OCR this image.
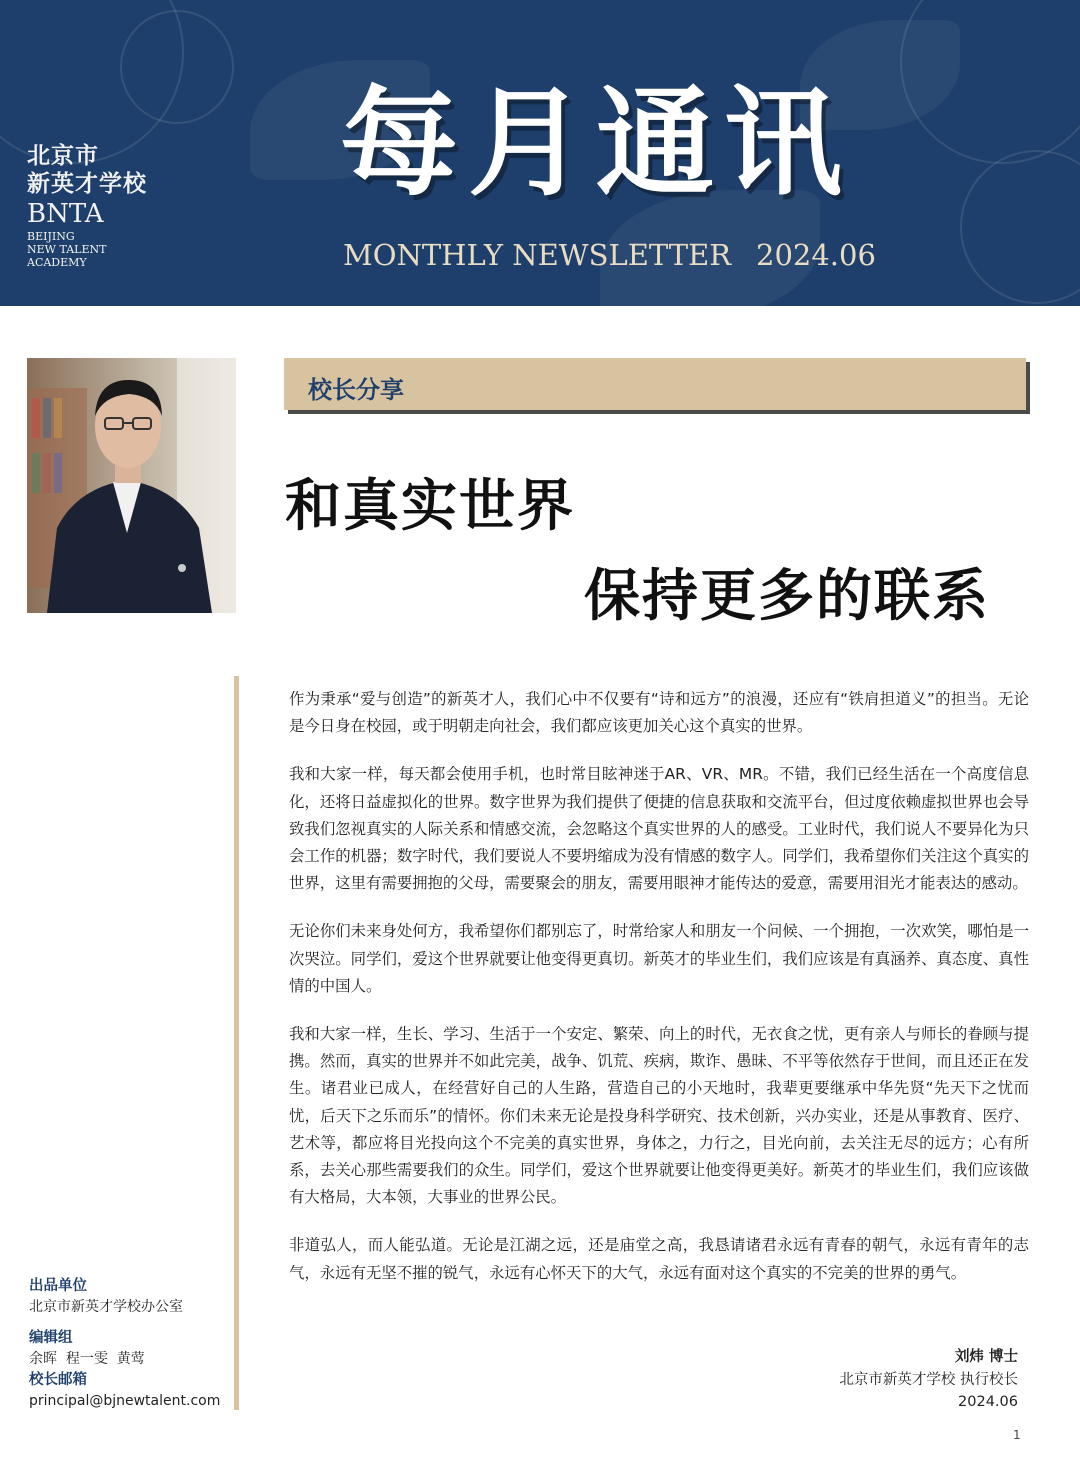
北京市
新英才学校
BNTA
BEIJING
NEW TALENT
ACADEMY
每月通讯
MONTHLY NEWSLETTER 2024.06
校长分享
和真实世界
保持更多的联系

作为秉承“爱与创造”的新英才人，我们心中不仅要有“诗和远方”的浪漫，还应有“铁肩担道义”的担当。无论是今日身在校园，或于明朝走向社会，我们都应该更加关心这个真实的世界。

我和大家一样，每天都会使用手机，也时常目眩神迷于AR、VR、MR。不错，我们已经生活在一个高度信息化，还将日益虚拟化的世界。数字世界为我们提供了便捷的信息获取和交流平台，但过度依赖虚拟世界也会导致我们忽视真实的人际关系和情感交流，会忽略这个真实世界的人的感受。工业时代，我们说人不要异化为只会工作的机器；数字时代，我们要说人不要坍缩成为没有情感的数字人。同学们，我希望你们关注这个真实的世界，这里有需要拥抱的父母，需要聚会的朋友，需要用眼神才能传达的爱意，需要用泪光才能表达的感动。

无论你们未来身处何方，我希望你们都别忘了，时常给家人和朋友一个问候、一个拥抱，一次欢笑，哪怕是一次哭泣。同学们，爱这个世界就要让他变得更真切。新英才的毕业生们，我们应该是有真涵养、真态度、真性情的中国人。

我和大家一样，生长、学习、生活于一个安定、繁荣、向上的时代，无衣食之忧，更有亲人与师长的眷顾与提携。然而，真实的世界并不如此完美，战争、饥荒、疾病，欺诈、愚昧、不平等依然存于世间，而且还正在发生。诸君业已成人，在经营好自己的人生路，营造自己的小天地时，我辈更要继承中华先贤“先天下之忧而忧，后天下之乐而乐”的情怀。你们未来无论是投身科学研究、技术创新，兴办实业，还是从事教育、医疗、艺术等，都应将目光投向这个不完美的真实世界，身体之，力行之，目光向前，去关注无尽的远方；心有所系，去关心那些需要我们的众生。同学们，爱这个世界就要让他变得更美好。新英才的毕业生们，我们应该做有大格局，大本领，大事业的世界公民。

非道弘人，而人能弘道。无论是江湖之远，还是庙堂之高，我恳请诸君永远有青春的朝气，永远有青年的志气，永远有无坚不摧的锐气，永远有心怀天下的大气，永远有面对这个真实的不完美的世界的勇气。

出品单位
北京市新英才学校办公室
编辑组
余晖  程一雯  黄莺
校长邮箱
principal@bjnewtalent.com
刘炜 博士
北京市新英才学校 执行校长
2024.06
1
